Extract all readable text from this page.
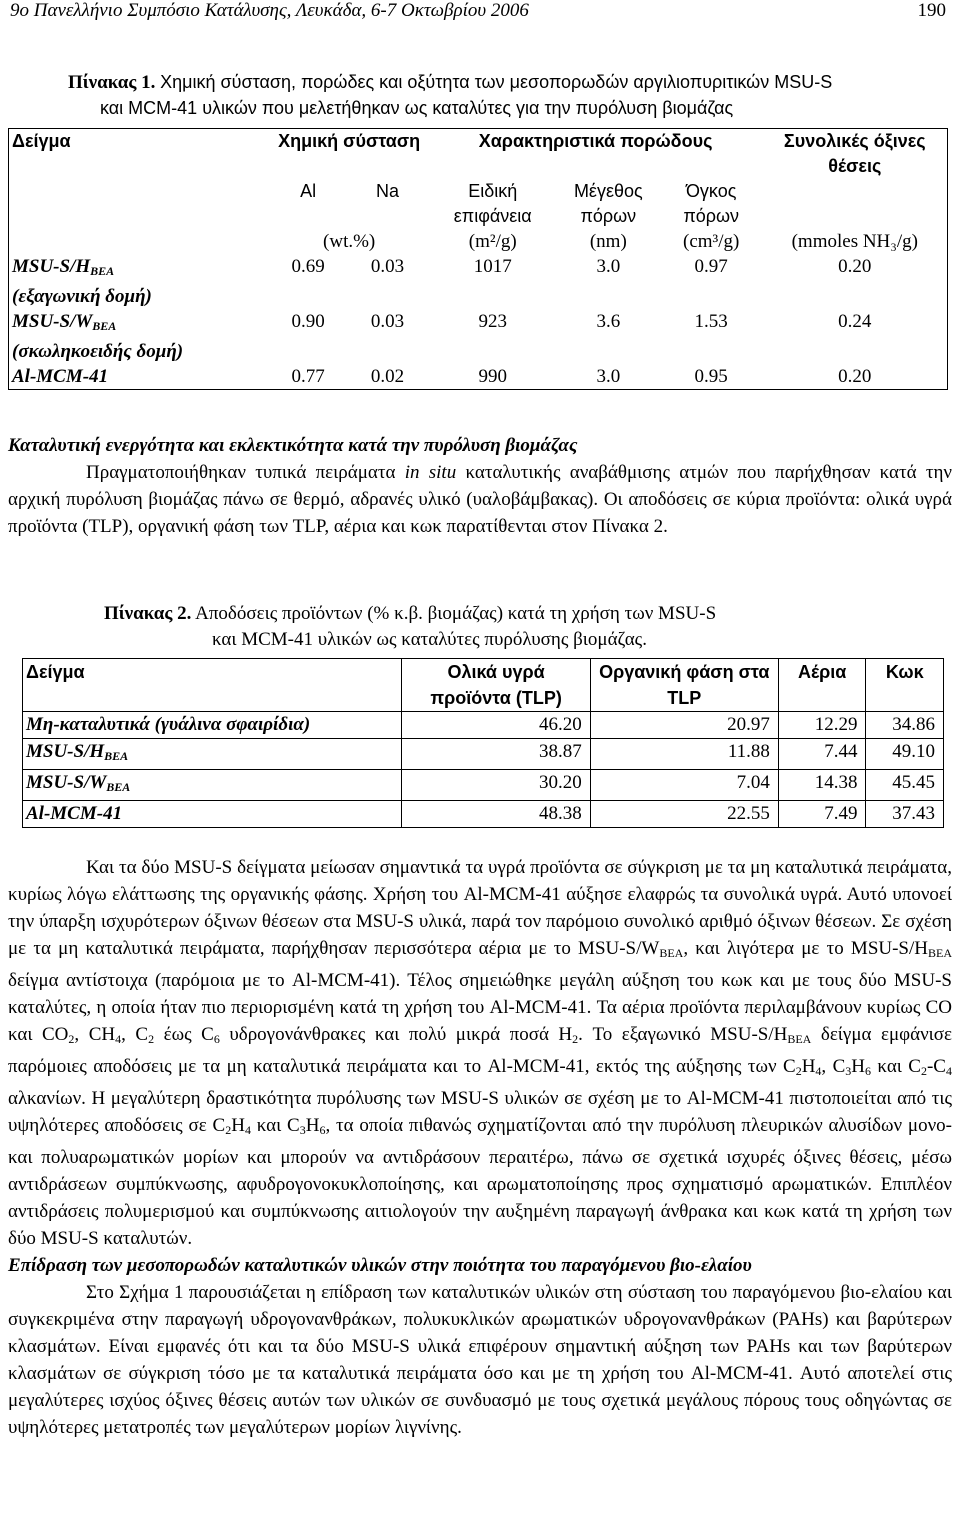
9ο Πανελλήνιο Συμπόσιο Κατάλυσης, Λευκάδα, 6-7 Οκτωβρίου 2006	190
Πίνακας 1. Χημική σύσταση, πορώδες και οξύτητα των μεσοπορωδών αργιλιοπυριτικών MSU-S
και MCM-41 υλικών που μελετήθηκαν ως καταλύτες για την πυρόλυση βιομάζας
Δείγμα	Χημική σύσταση		Χαρακτηριστικά πορώδους			Συνολικές όξινες θέσεις
	Al	Na	Ειδική επιφάνεια	Μέγεθος πόρων	Όγκος πόρων	
	(wt.%)		(m²/g)	(nm)	(cm³/g)	(mmoles NH₃/g)
MSU-$S/H_{BEA}$
(εξαγωνική δομή)	0.69	0.03	1017	3.0	0.97	0.20
MSU-$S/W_{BEA}$
(σκωληκοειδής δομή)	0.90	0.03	923	3.6	1.53	0.24
Al-MCM-41	0.77	0.02	990	3.0	0.95	0.20

Καταλυτική ενεργότητα και εκλεκτικότητα κατά την πυρόλυση βιομάζας

Πραγματοποιήθηκαν τυπικά πειράματα in situ καταλυτικής αναβάθμισης ατμών που παρήχθησαν κατά την αρχική πυρόλυση βιομάζας πάνω σε θερμό, αδρανές υλικό (υαλοβάμβακας). Οι αποδόσεις σε κύρια προϊόντα: ολικά υγρά προϊόντα (TLP), οργανική φάση των TLP, αέρια και κωκ παρατίθενται στον Πίνακα 2.

Πίνακας 2. Αποδόσεις προϊόντων (% κ.β. βιομάζας) κατά τη χρήση των MSU-S
και MCM-41 υλικών ως καταλύτες πυρόλυσης βιομάζας.
Δείγμα	Ολικά υγρά προϊόντα (TLP)	Οργανική φάση στα TLP	Αέρια	Κωκ
Μη-καταλυτικά (γυάλινα σφαιρίδια)	46.20	20.97	12.29	34.86
MSU-$S/H_{BEA}$	38.87	11.88	7.44	49.10
MSU-$S/W_{BEA}$	30.20	7.04	14.38	45.45
Al-MCM-41	48.38	22.55	7.49	37.43

Και τα δύο MSU-S δείγματα μείωσαν σημαντικά τα υγρά προϊόντα σε σύγκριση με τα μη καταλυτικά πειράματα, κυρίως λόγω ελάττωσης της οργανικής φάσης. Χρήση του Al-MCM-41 αύξησε ελαφρώς τα συνολικά υγρά. Αυτό υπονοεί την ύπαρξη ισχυρότερων όξινων θέσεων στα MSU-S υλικά, παρά τον παρόμοιο συνολικό αριθμό όξινων θέσεων. Σε σχέση με τα μη καταλυτικά πειράματα, παρήχθησαν περισσότερα αέρια με το MSU-$S/W_{BEA}$, και λιγότερα με το MSU-$S/H_{BEA}$ δείγμα αντίστοιχα (παρόμοια με το Al-MCM-41). Τέλος σημειώθηκε μεγάλη αύξηση του κωκ και με τους δύο MSU-S καταλύτες, η οποία ήταν πιο περιορισμένη κατά τη χρήση του Al-MCM-41. Τα αέρια προϊόντα περιλαμβάνουν κυρίως CO και $CO_2$, $CH_4$, $C_2$ έως $C_6$ υδρογονάνθρακες και πολύ μικρά ποσά $H_2$. Το εξαγωνικό MSU-$S/H_{BEA}$ δείγμα εμφάνισε παρόμοιες αποδόσεις με τα μη καταλυτικά πειράματα και το Al-MCM-41, εκτός της αύξησης των $C_2H_4$, $C_3H_6$ και $C_2-C_4$ αλκανίων. Η μεγαλύτερη δραστικότητα πυρόλυσης των MSU-S υλικών σε σχέση με το Al-MCM-41 πιστοποιείται από τις υψηλότερες αποδόσεις σε $C_2H_4$ και $C_3H_6$, τα οποία πιθανώς σχηματίζονται από την πυρόλυση πλευρικών αλυσίδων μονο- και πολυαρωματικών μορίων και μπορούν να αντιδράσουν περαιτέρω, πάνω σε σχετικά ισχυρές όξινες θέσεις, μέσω αντιδράσεων συμπύκνωσης, αφυδρογονοκυκλοποίησης, και αρωματοποίησης προς σχηματισμό αρωματικών. Επιπλέον αντιδράσεις πολυμερισμού και συμπύκνωσης αιτιολογούν την αυξημένη παραγωγή άνθρακα και κωκ κατά τη χρήση των δύο MSU-S καταλυτών.

Επίδραση των μεσοπορωδών καταλυτικών υλικών στην ποιότητα του παραγόμενου βιο-ελαίου

Στο Σχήμα 1 παρουσιάζεται η επίδραση των καταλυτικών υλικών στη σύσταση του παραγόμενου βιο-ελαίου και συγκεκριμένα στην παραγωγή υδρογονανθράκων, πολυκυκλικών αρωματικών υδρογονανθράκων (PAHs) και βαρύτερων κλασμάτων. Είναι εμφανές ότι και τα δύο MSU-S υλικά επιφέρουν σημαντική αύξηση των PAHs και των βαρύτερων κλασμάτων σε σύγκριση τόσο με τα καταλυτικά πειράματα όσο και με τη χρήση του Al-MCM-41. Αυτό αποτελεί στις μεγαλύτερες ισχύος όξινες θέσεις αυτών των υλικών σε συνδυασμό με τους σχετικά μεγάλους πόρους τους οδηγώντας σε υψηλότερες μετατροπές των μεγαλύτερων μορίων λιγνίνης.
